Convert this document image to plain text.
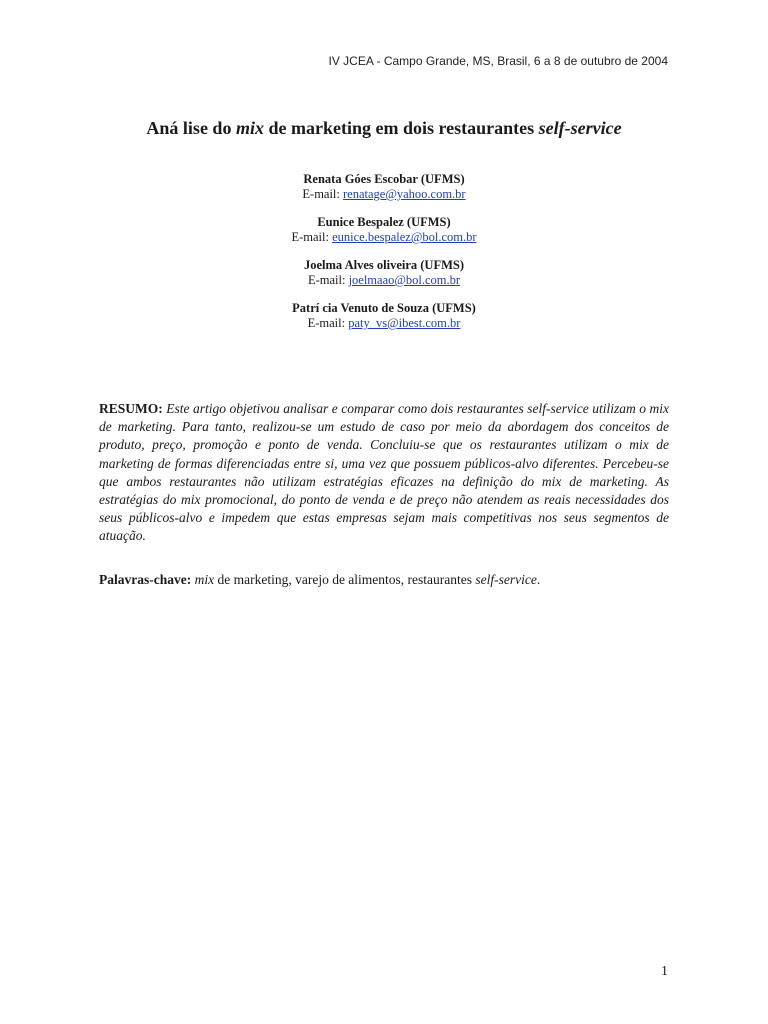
IV JCEA - Campo Grande, MS, Brasil, 6 a 8 de outubro de 2004
Aná lise do mix de marketing em dois restaurantes self-service
Renata Góes Escobar (UFMS)
E-mail: renatage@yahoo.com.br
Eunice Bespalez (UFMS)
E-mail: eunice.bespalez@bol.com.br
Joelma Alves oliveira (UFMS)
E-mail: joelmaao@bol.com.br
Patrí cia Venuto de Souza (UFMS)
E-mail: paty_vs@ibest.com.br
RESUMO: Este artigo objetivou analisar e comparar como dois restaurantes self-service utilizam o mix de marketing. Para tanto, realizou-se um estudo de caso por meio da abordagem dos conceitos de produto, preço, promoção e ponto de venda. Concluiu-se que os restaurantes utilizam o mix de marketing de formas diferenciadas entre si, uma vez que possuem públicos-alvo diferentes. Percebeu-se que ambos restaurantes não utilizam estratégias eficazes na definição do mix de marketing. As estratégias do mix promocional, do ponto de venda e de preço não atendem as reais necessidades dos seus públicos-alvo e impedem que estas empresas sejam mais competitivas nos seus segmentos de atuação.
Palavras-chave: mix de marketing, varejo de alimentos, restaurantes self-service.
1
